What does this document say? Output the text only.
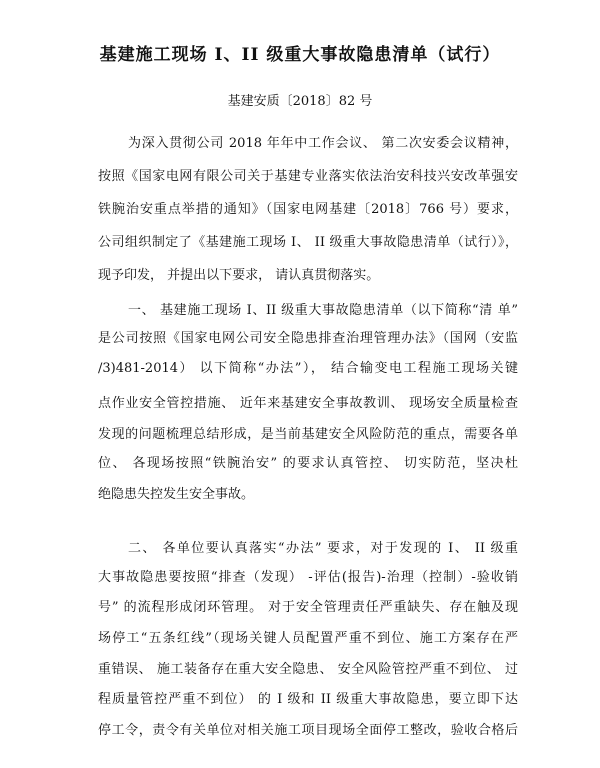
基建施工现场 I、II 级重大事故隐患清单（试行）
基建安质〔2018〕82 号
为深入贯彻公司 2018 年年中工作会议、 第二次安委会议精神，
按照《国家电网有限公司关于基建专业落实依法治安科技兴安改革强安
铁腕治安重点举措的通知》（国家电网基建〔2018〕766 号）要求，
公司组织制定了《基建施工现场 I、 II 级重大事故隐患清单（试行）》，
现予印发， 并提出以下要求， 请认真贯彻落实。
一、 基建施工现场 I、II 级重大事故隐患清单（以下简称“清 单”
是公司按照《国家电网公司安全隐患排查治理管理办法》（国网（安监
/3)481-2014） 以下简称“办法”）， 结合输变电工程施工现场关键
点作业安全管控措施、 近年来基建安全事故教训、 现场安全质量检查
发现的问题梳理总结形成，是当前基建安全风险防范的重点，需要各单
位、 各现场按照“铁腕治安” 的要求认真管控、 切实防范，坚决杜
绝隐患失控发生安全事故。
二、 各单位要认真落实“办法” 要求，对于发现的 I、 II 级重
大事故隐患要按照“排查（发现） -评估(报告)-治理（控制）-验收销
号” 的流程形成闭环管理。 对于安全管理责任严重缺失、存在触及现
场停工“五条红线”（现场关键人员配置严重不到位、施工方案存在严
重错误、 施工装备存在重大安全隐患、 安全风险管控严重不到位、 过
程质量管控严重不到位） 的 I 级和 II 级重大事故隐患，要立即下达
停工令，责令有关单位对相关施工项目现场全面停工整改，验收合格后
